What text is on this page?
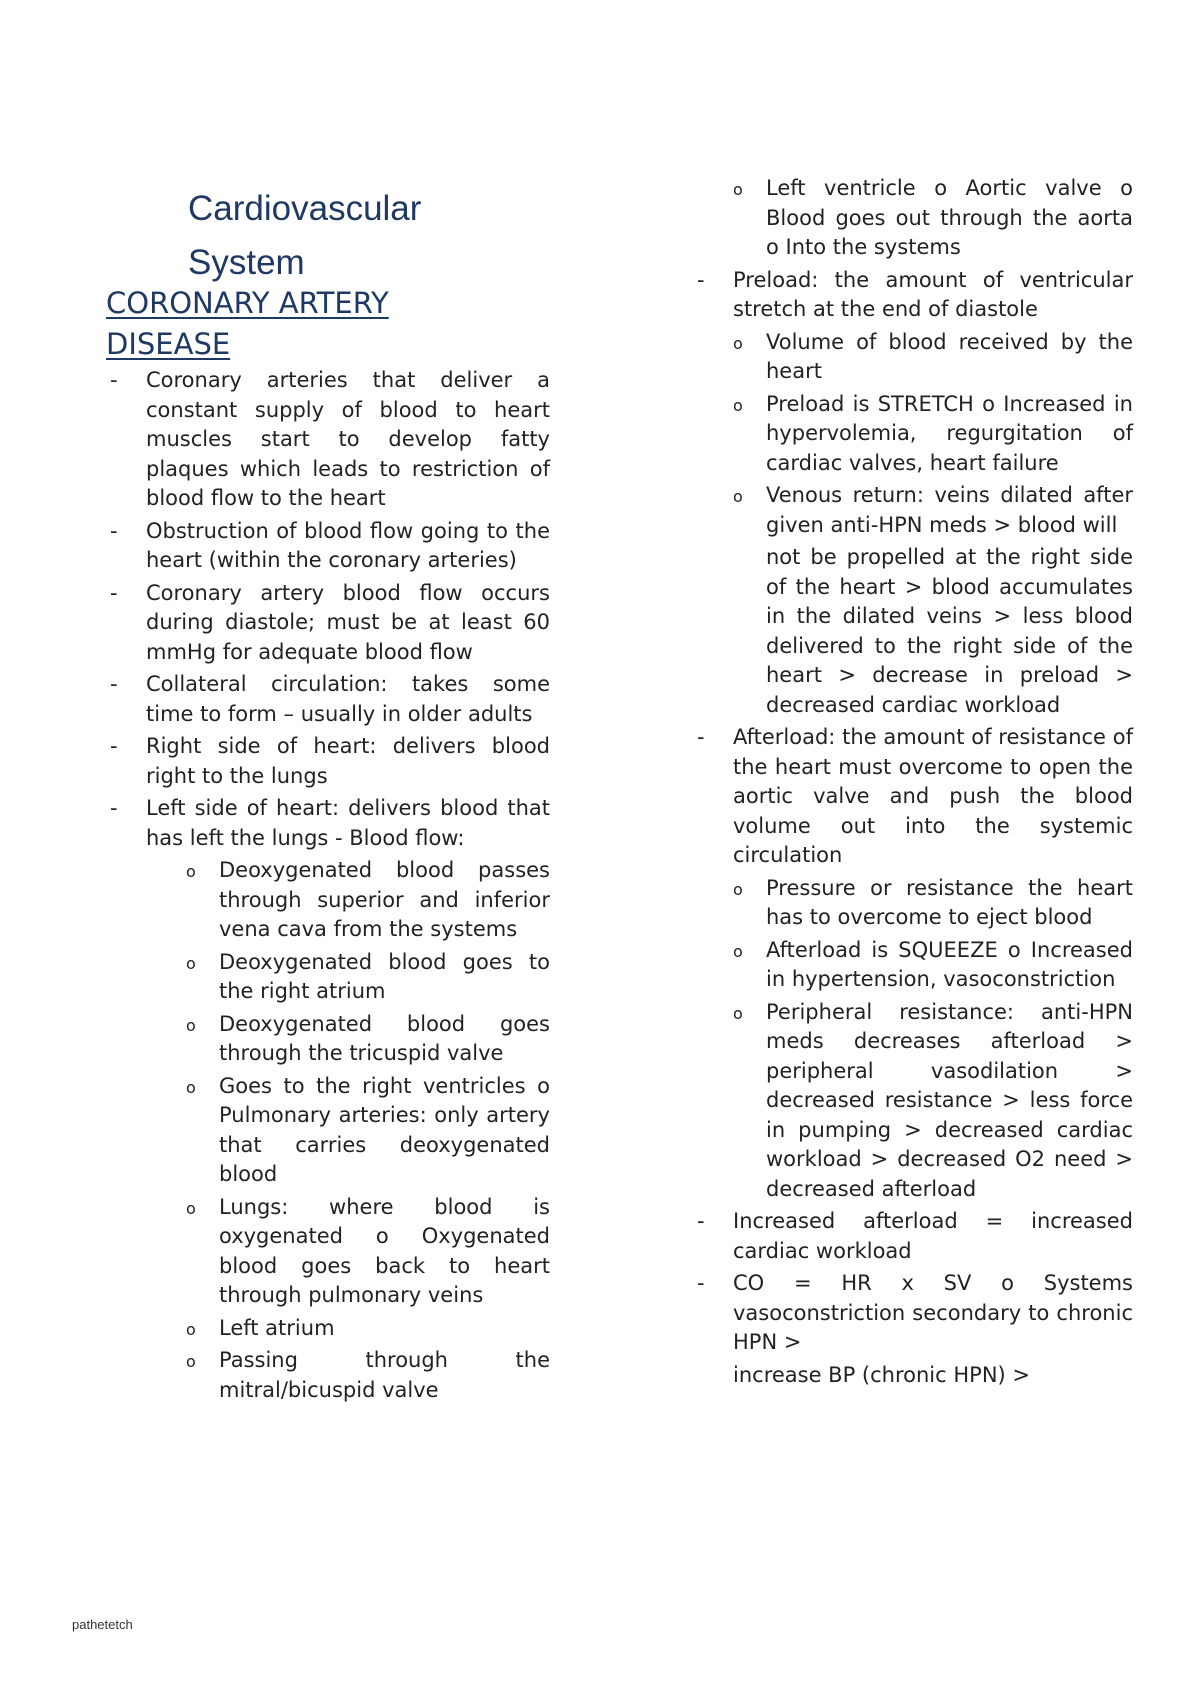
Cardiovascular
System
CORONARY ARTERY
DISEASE
- Coronary arteries that deliver a constant supply of blood to heart muscles start to develop fatty plaques which leads to restriction of blood flow to the heart
- Obstruction of blood flow going to the heart (within the coronary arteries)
- Coronary artery blood flow occurs during diastole; must be at least 60 mmHg for adequate blood flow
- Collateral circulation: takes some time to form – usually in older adults
- Right side of heart: delivers blood right to the lungs
- Left side of heart: delivers blood that has left the lungs - Blood flow:
o Deoxygenated blood passes through superior and inferior vena cava from the systems
o Deoxygenated blood goes to the right atrium
o Deoxygenated blood goes through the tricuspid valve
o Goes to the right ventricles o Pulmonary arteries: only artery that carries deoxygenated blood
o Lungs: where blood is oxygenated o Oxygenated blood goes back to heart through pulmonary veins
o Left atrium
o Passing through the mitral/bicuspid valve
o Left ventricle o Aortic valve o Blood goes out through the aorta o Into the systems
- Preload: the amount of ventricular stretch at the end of diastole
o Volume of blood received by the heart
o Preload is STRETCH o Increased in hypervolemia, regurgitation of cardiac valves, heart failure
o Venous return: veins dilated after given anti-HPN meds > blood will
not be propelled at the right side of the heart > blood accumulates in the dilated veins > less blood delivered to the right side of the heart > decrease in preload > decreased cardiac workload
- Afterload: the amount of resistance of the heart must overcome to open the aortic valve and push the blood volume out into the systemic circulation
o Pressure or resistance the heart has to overcome to eject blood
o Afterload is SQUEEZE o Increased in hypertension, vasoconstriction
o Peripheral resistance: anti-HPN meds decreases afterload > peripheral vasodilation > decreased resistance > less force in pumping > decreased cardiac workload > decreased O2 need > decreased afterload
- Increased afterload = increased cardiac workload
- CO = HR x SV o Systems vasoconstriction secondary to chronic HPN >
increase BP (chronic HPN) >
pathetetch
